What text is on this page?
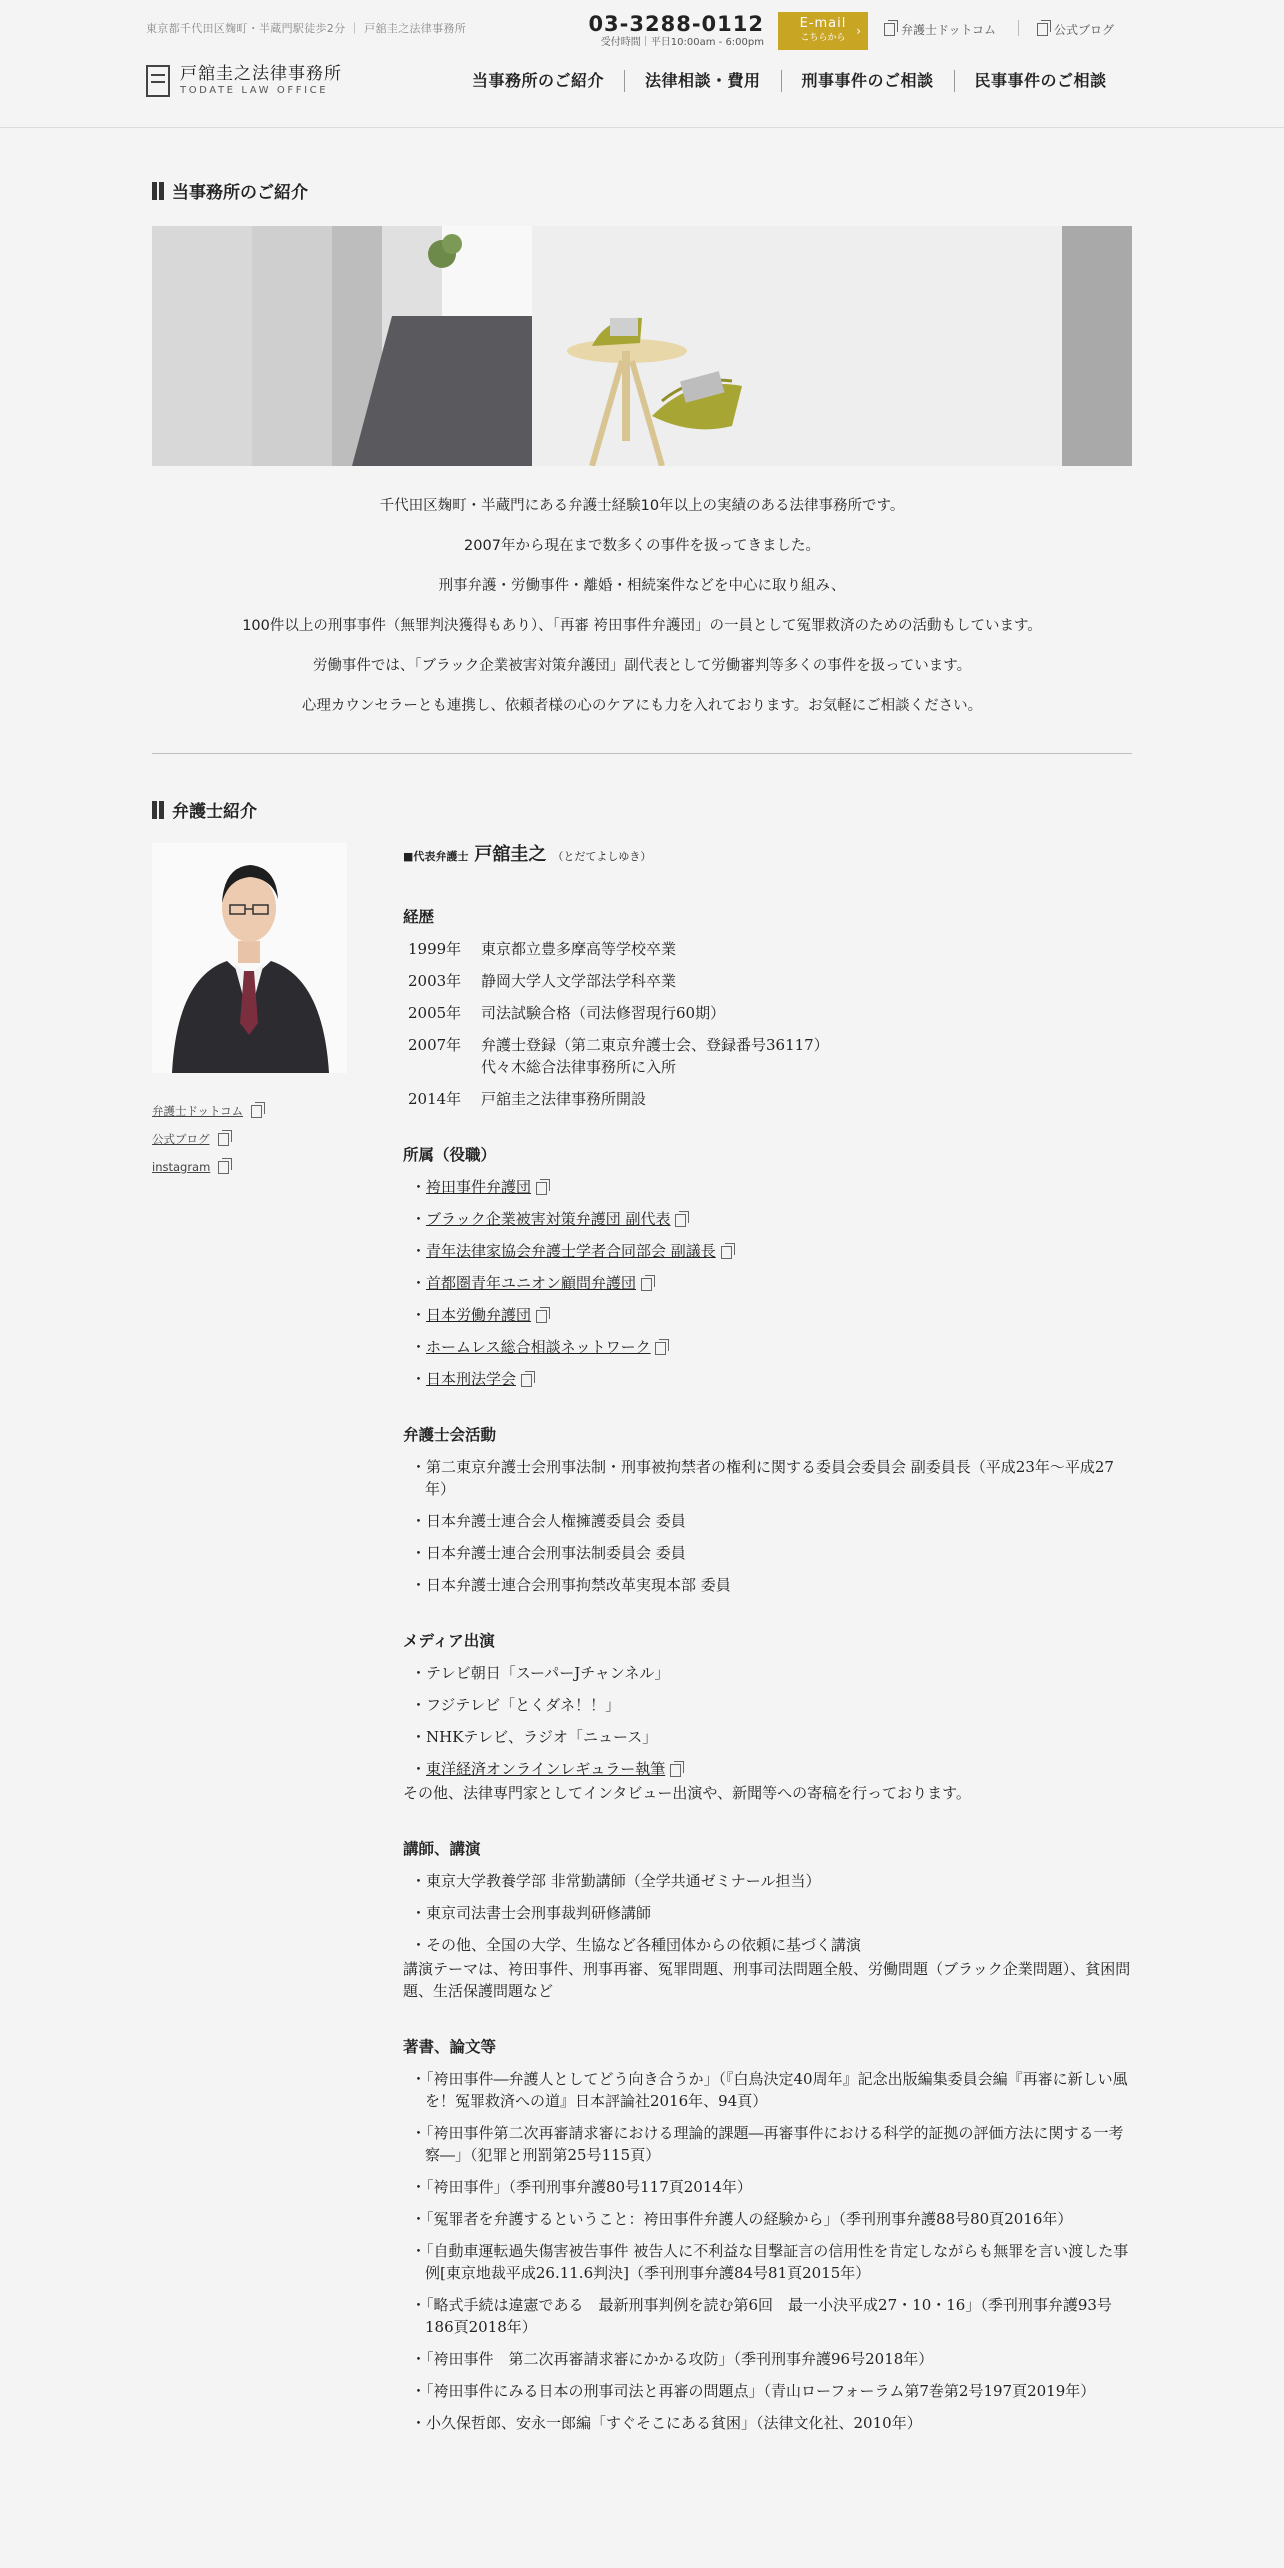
東京都千代田区麹町・半蔵門駅徒歩2分 ｜ 戸舘圭之法律事務所
戸舘圭之法律事務所
TODATE LAW OFFICE
03-3288-0112
受付時間｜平日10:00am - 6:00pm
E-mail
こちらから ›	弁護士ドットコム	公式ブログ
当事務所のご紹介	法律相談・費用	刑事事件のご相談	民事事件のご相談
当事務所のご紹介

千代田区麹町・半蔵門にある弁護士経験10年以上の実績のある法律事務所です。

2007年から現在まで数多くの事件を扱ってきました。

刑事弁護・労働事件・離婚・相続案件などを中心に取り組み、

100件以上の刑事事件（無罪判決獲得もあり）、「再審 袴田事件弁護団」の一員として冤罪救済のための活動もしています。

労働事件では、「ブラック企業被害対策弁護団」副代表として労働審判等多くの事件を扱っています。

心理カウンセラーとも連携し、依頼者様の心のケアにも力を入れております。お気軽にご相談ください。

弁護士紹介
弁護士ドットコム
公式ブログ
instagram
■代表弁護士 戸舘圭之 （とだてよしゆき）
経歴
1999年	東京都立豊多摩高等学校卒業
2003年	静岡大学人文学部法学科卒業
2005年	司法試験合格（司法修習現行60期）
2007年	弁護士登録（第二東京弁護士会、登録番号36117）
代々木総合法律事務所に入所
2014年	戸舘圭之法律事務所開設
所属（役職）
・袴田事件弁護団
・ブラック企業被害対策弁護団 副代表
・青年法律家協会弁護士学者合同部会 副議長
・首都圏青年ユニオン顧問弁護団
・日本労働弁護団
・ホームレス総合相談ネットワーク
・日本刑法学会
弁護士会活動
・第二東京弁護士会刑事法制・刑事被拘禁者の権利に関する委員会委員会 副委員長（平成23年～平成27年）
・日本弁護士連合会人権擁護委員会 委員
・日本弁護士連合会刑事法制委員会 委員
・日本弁護士連合会刑事拘禁改革実現本部 委員
メディア出演
・テレビ朝日「スーパーJチャンネル」
・フジテレビ「とくダネ！！」
・NHKテレビ、ラジオ「ニュース」
・東洋経済オンラインレギュラー執筆
その他、法律専門家としてインタビュー出演や、新聞等への寄稿を行っております。
講師、講演
・東京大学教養学部 非常勤講師（全学共通ゼミナール担当）
・東京司法書士会刑事裁判研修講師
・その他、全国の大学、生協など各種団体からの依頼に基づく講演
講演テーマは、袴田事件、刑事再審、冤罪問題、刑事司法問題全般、労働問題（ブラック企業問題）、貧困問題、生活保護問題など
著書、論文等
・「袴田事件―弁護人としてどう向き合うか」（『白鳥決定40周年』記念出版編集委員会編『再審に新しい風を！冤罪救済への道』日本評論社2016年、94頁）
・「袴田事件第二次再審請求審における理論的課題―再審事件における科学的証拠の評価方法に関する一考察―」（犯罪と刑罰第25号115頁）
・「袴田事件」（季刊刑事弁護80号117頁2014年）
・「冤罪者を弁護するということ：袴田事件弁護人の経験から」（季刊刑事弁護88号80頁2016年）
・「自動車運転過失傷害被告事件 被告人に不利益な目撃証言の信用性を肯定しながらも無罪を言い渡した事例[東京地裁平成26.11.6判決]（季刊刑事弁護84号81頁2015年）
・「略式手続は違憲である　最新刑事判例を読む第6回　最一小決平成27・10・16」（季刊刑事弁護93号186頁2018年）
・「袴田事件　第二次再審請求審にかかる攻防」（季刊刑事弁護96号2018年）
・「袴田事件にみる日本の刑事司法と再審の問題点」（青山ローフォーラム第7巻第2号197頁2019年）
・小久保哲郎、安永一郎編「すぐそこにある貧困」（法律文化社、2010年）
